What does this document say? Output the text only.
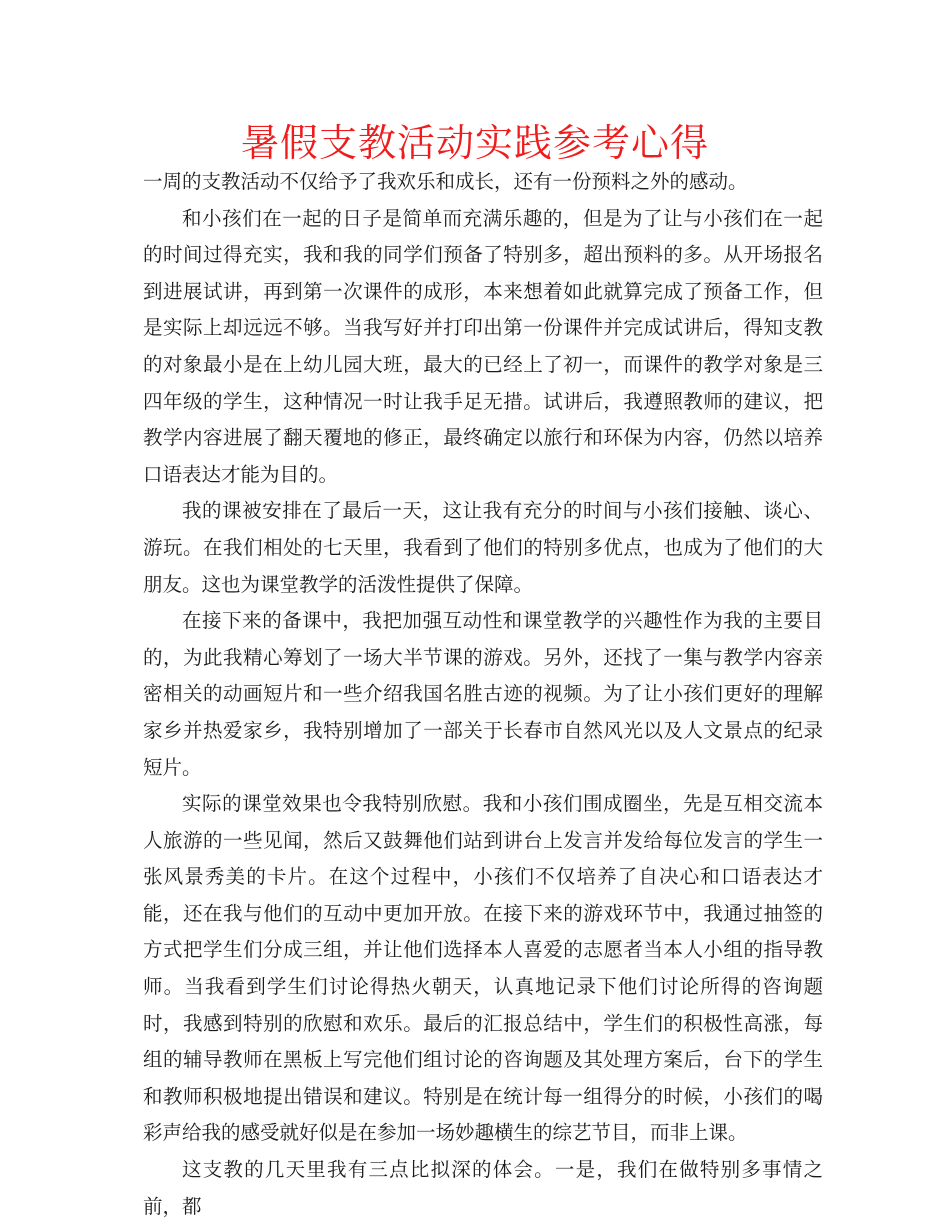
暑假支教活动实践参考心得

一周的支教活动不仅给予了我欢乐和成长，还有一份预料之外的感动。

和小孩们在一起的日子是简单而充满乐趣的，但是为了让与小孩们在一起的时间过得充实，我和我的同学们预备了特别多，超出预料的多。从开场报名到进展试讲，再到第一次课件的成形，本来想着如此就算完成了预备工作，但是实际上却远远不够。当我写好并打印出第一份课件并完成试讲后，得知支教的对象最小是在上幼儿园大班，最大的已经上了初一，而课件的教学对象是三四年级的学生，这种情况一时让我手足无措。试讲后，我遵照教师的建议，把教学内容进展了翻天覆地的修正，最终确定以旅行和环保为内容，仍然以培养口语表达才能为目的。

我的课被安排在了最后一天，这让我有充分的时间与小孩们接触、谈心、游玩。在我们相处的七天里，我看到了他们的特别多优点，也成为了他们的大朋友。这也为课堂教学的活泼性提供了保障。

在接下来的备课中，我把加强互动性和课堂教学的兴趣性作为我的主要目的，为此我精心筹划了一场大半节课的游戏。另外，还找了一集与教学内容亲密相关的动画短片和一些介绍我国名胜古迹的视频。为了让小孩们更好的理解家乡并热爱家乡，我特别增加了一部关于长春市自然风光以及人文景点的纪录短片。

实际的课堂效果也令我特别欣慰。我和小孩们围成圈坐，先是互相交流本人旅游的一些见闻，然后又鼓舞他们站到讲台上发言并发给每位发言的学生一张风景秀美的卡片。在这个过程中，小孩们不仅培养了自决心和口语表达才能，还在我与他们的互动中更加开放。在接下来的游戏环节中，我通过抽签的方式把学生们分成三组，并让他们选择本人喜爱的志愿者当本人小组的指导教师。当我看到学生们讨论得热火朝天，认真地记录下他们讨论所得的咨询题时，我感到特别的欣慰和欢乐。最后的汇报总结中，学生们的积极性高涨，每组的辅导教师在黑板上写完他们组讨论的咨询题及其处理方案后，台下的学生和教师积极地提出错误和建议。特别是在统计每一组得分的时候，小孩们的喝彩声给我的感受就好似是在参加一场妙趣横生的综艺节目，而非上课。

这支教的几天里我有三点比拟深的体会。一是，我们在做特别多事情之前，都
